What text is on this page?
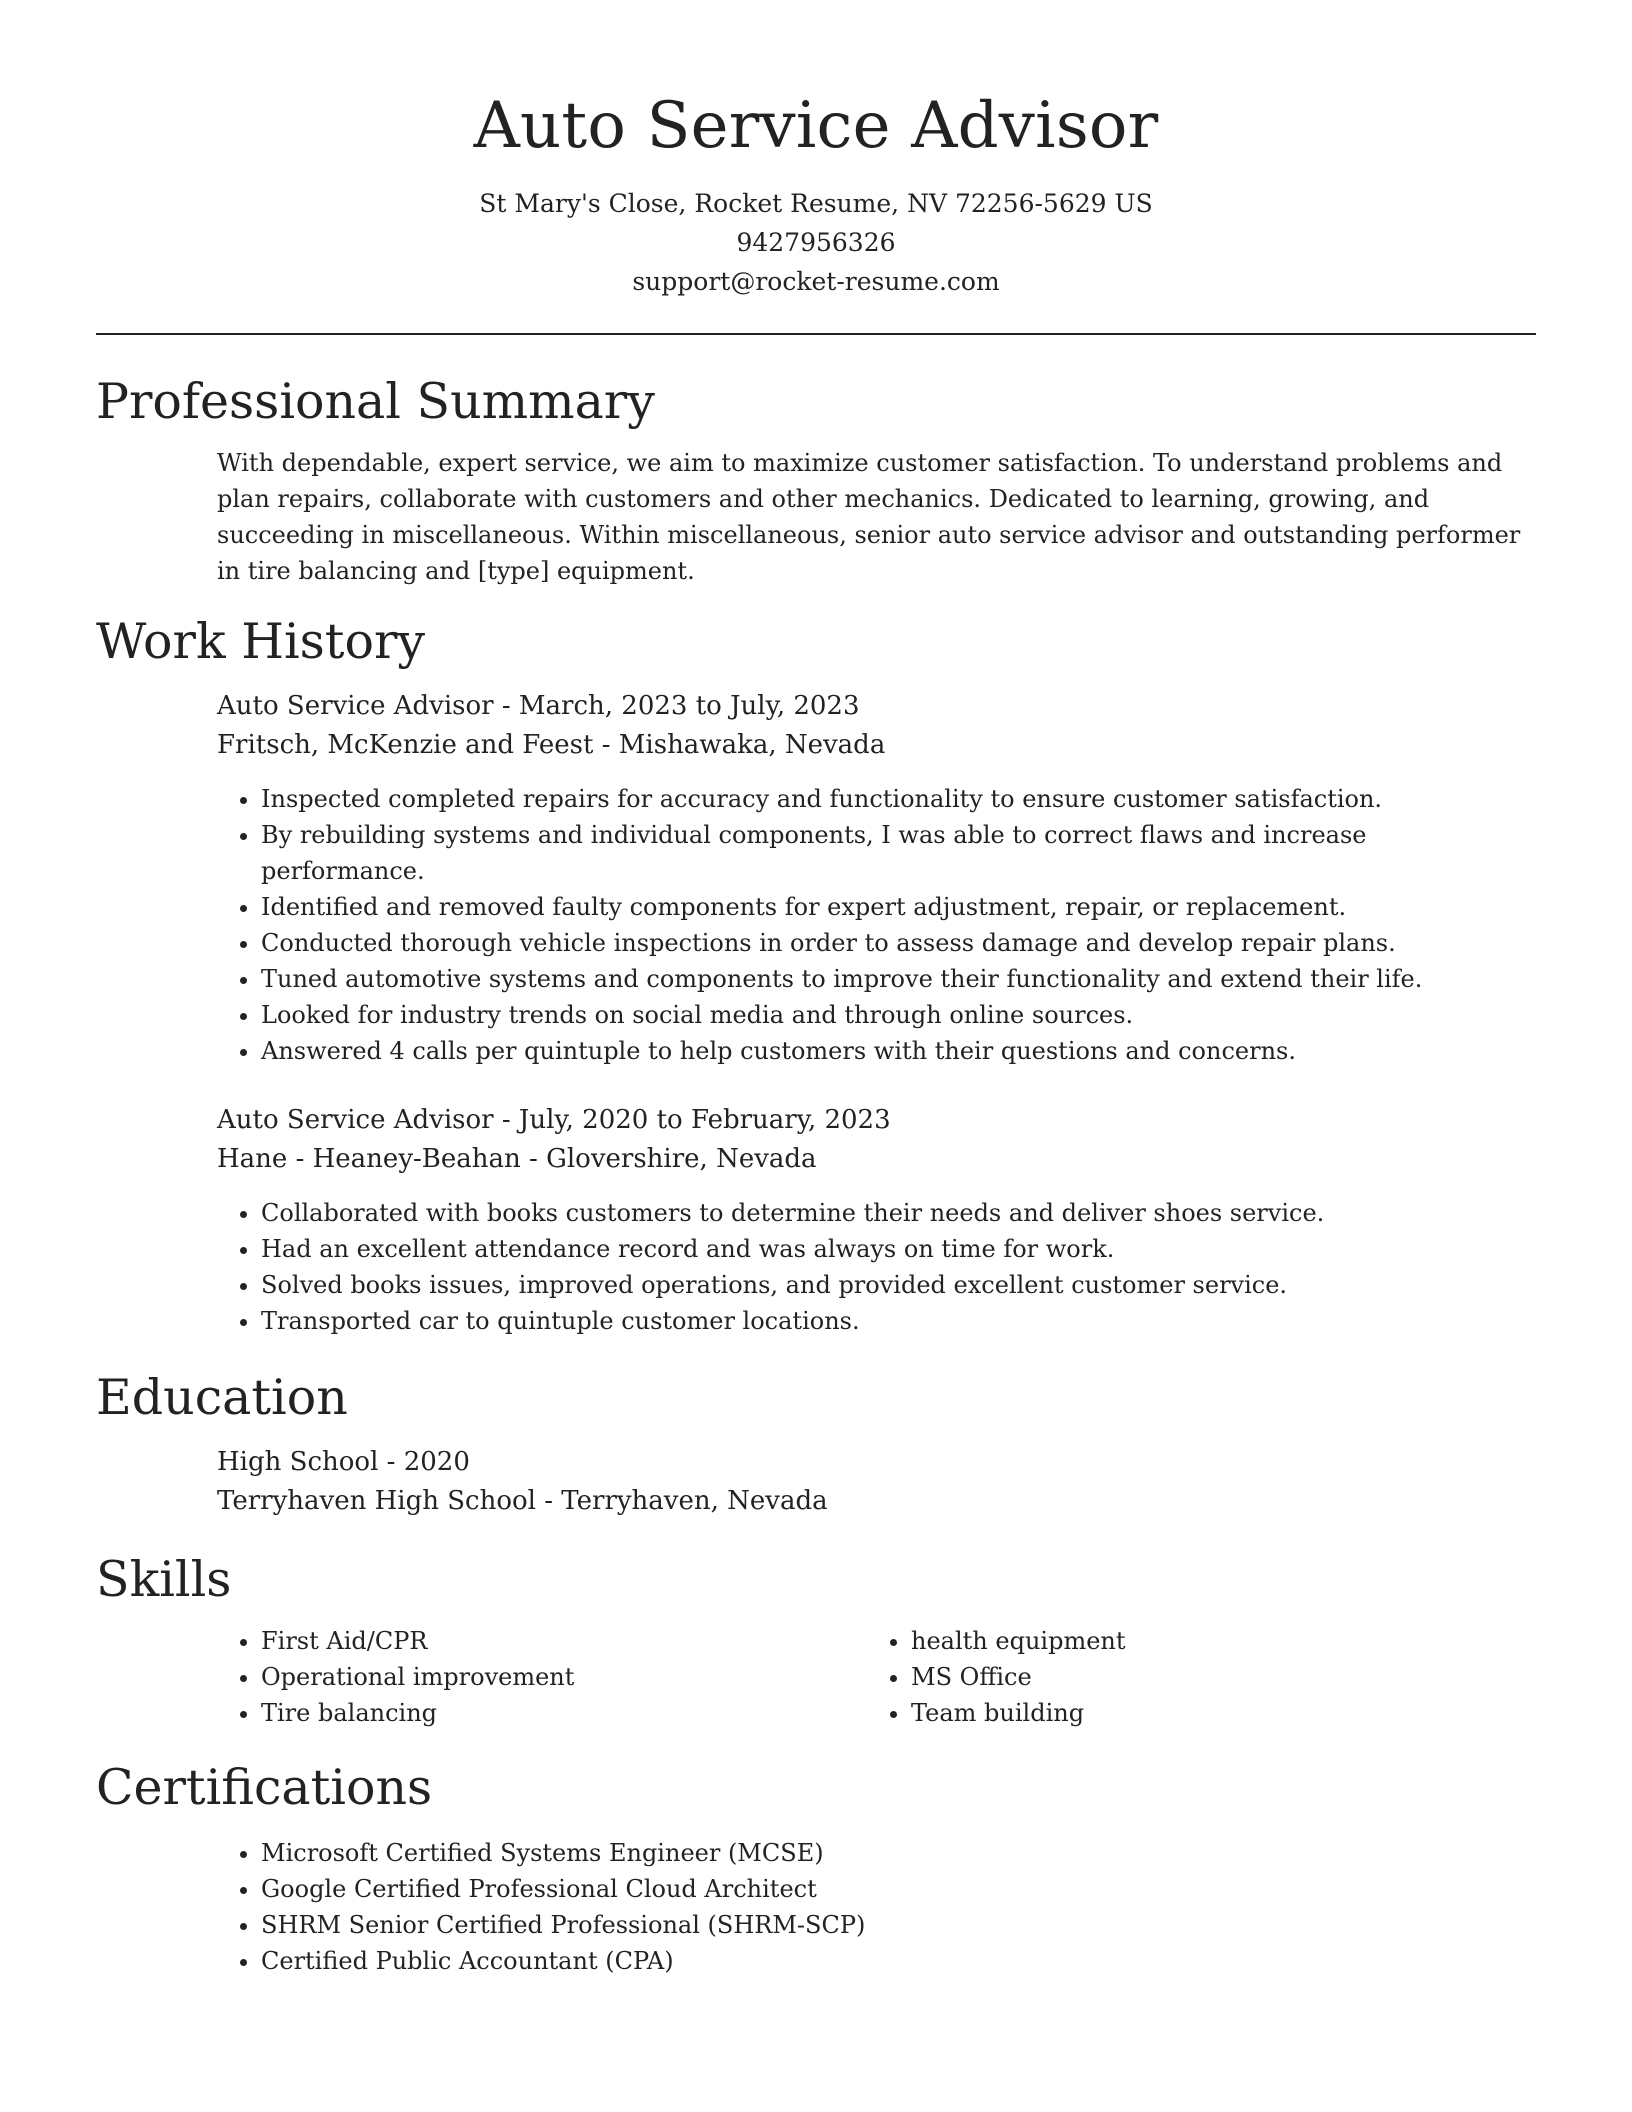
Auto Service Advisor
St Mary's Close, Rocket Resume, NV 72256-5629 US
9427956326
support@rocket-resume.com
Professional Summary

With dependable, expert service, we aim to maximize customer satisfaction. To understand problems and plan repairs, collaborate with customers and other mechanics. Dedicated to learning, growing, and succeeding in miscellaneous. Within miscellaneous, senior auto service advisor and outstanding performer in tire balancing and [type] equipment.

Work History
Auto Service Advisor - March, 2023 to July, 2023
Fritsch, McKenzie and Feest - Mishawaka, Nevada
• Inspected completed repairs for accuracy and functionality to ensure customer satisfaction.
• By rebuilding systems and individual components, I was able to correct flaws and increase performance.
• Identified and removed faulty components for expert adjustment, repair, or replacement.
• Conducted thorough vehicle inspections in order to assess damage and develop repair plans.
• Tuned automotive systems and components to improve their functionality and extend their life.
• Looked for industry trends on social media and through online sources.
• Answered 4 calls per quintuple to help customers with their questions and concerns.
Auto Service Advisor - July, 2020 to February, 2023
Hane - Heaney-Beahan - Glovershire, Nevada
• Collaborated with books customers to determine their needs and deliver shoes service.
• Had an excellent attendance record and was always on time for work.
• Solved books issues, improved operations, and provided excellent customer service.
• Transported car to quintuple customer locations.
Education
High School - 2020
Terryhaven High School - Terryhaven, Nevada
Skills
• First Aid/CPR
• Operational improvement
• Tire balancing
• health equipment
• MS Office
• Team building
Certifications
• Microsoft Certified Systems Engineer (MCSE)
• Google Certified Professional Cloud Architect
• SHRM Senior Certified Professional (SHRM-SCP)
• Certified Public Accountant (CPA)
